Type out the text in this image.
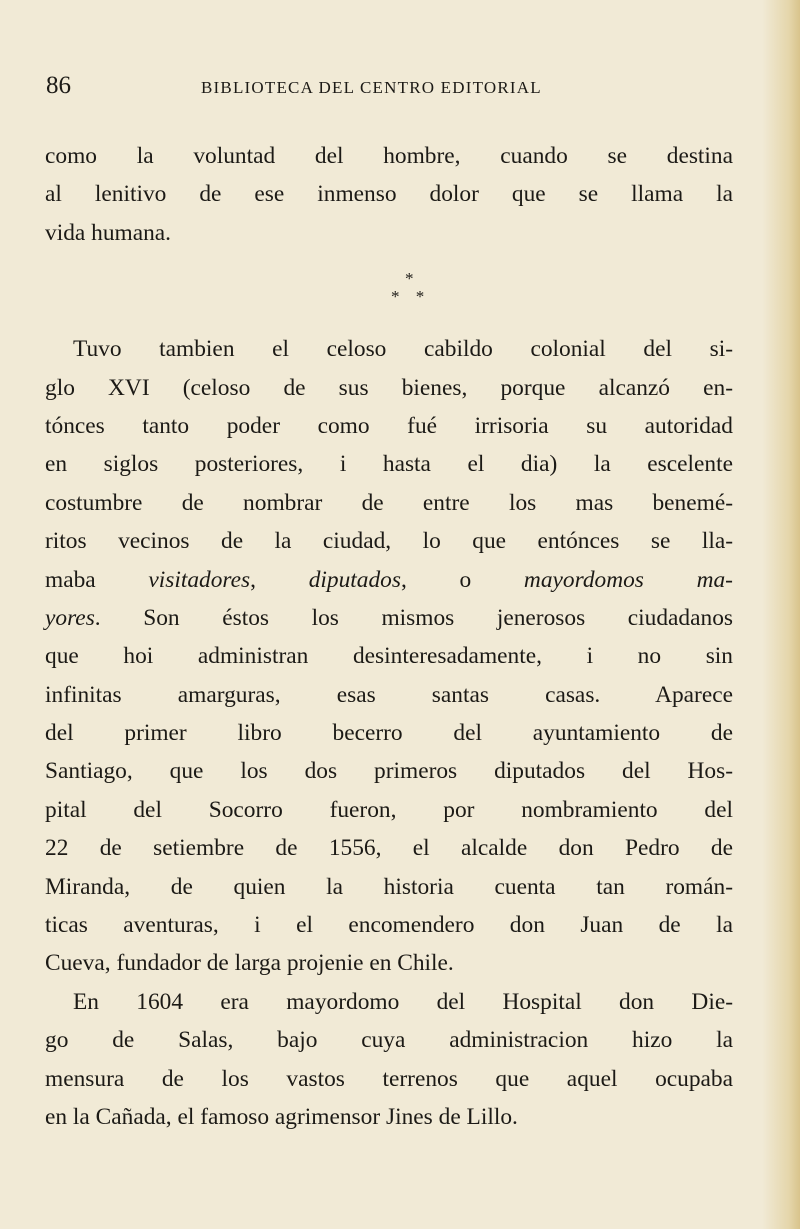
86	BIBLIOTECA DEL CENTRO EDITORIAL
como la voluntad del hombre, cuando se destina
al lenitivo de ese inmenso dolor que se llama la
vida humana.
*
* *
Tuvo tambien el celoso cabildo colonial del si-
glo XVI (celoso de sus bienes, porque alcanzó en-
tónces tanto poder como fué irrisoria su autoridad
en siglos posteriores, i hasta el dia) la escelente
costumbre de nombrar de entre los mas benemé-
ritos vecinos de la ciudad, lo que entónces se lla-
maba visitadores, diputados, o mayordomos ma-
yores. Son éstos los mismos jenerosos ciudadanos
que hoi administran desinteresadamente, i no sin
infinitas amarguras, esas santas casas. Aparece
del primer libro becerro del ayuntamiento de
Santiago, que los dos primeros diputados del Hos-
pital del Socorro fueron, por nombramiento del
22 de setiembre de 1556, el alcalde don Pedro de
Miranda, de quien la historia cuenta tan román-
ticas aventuras, i el encomendero don Juan de la
Cueva, fundador de larga projenie en Chile.
En 1604 era mayordomo del Hospital don Die-
go de Salas, bajo cuya administracion hizo la
mensura de los vastos terrenos que aquel ocupaba
en la Cañada, el famoso agrimensor Jines de Lillo.
